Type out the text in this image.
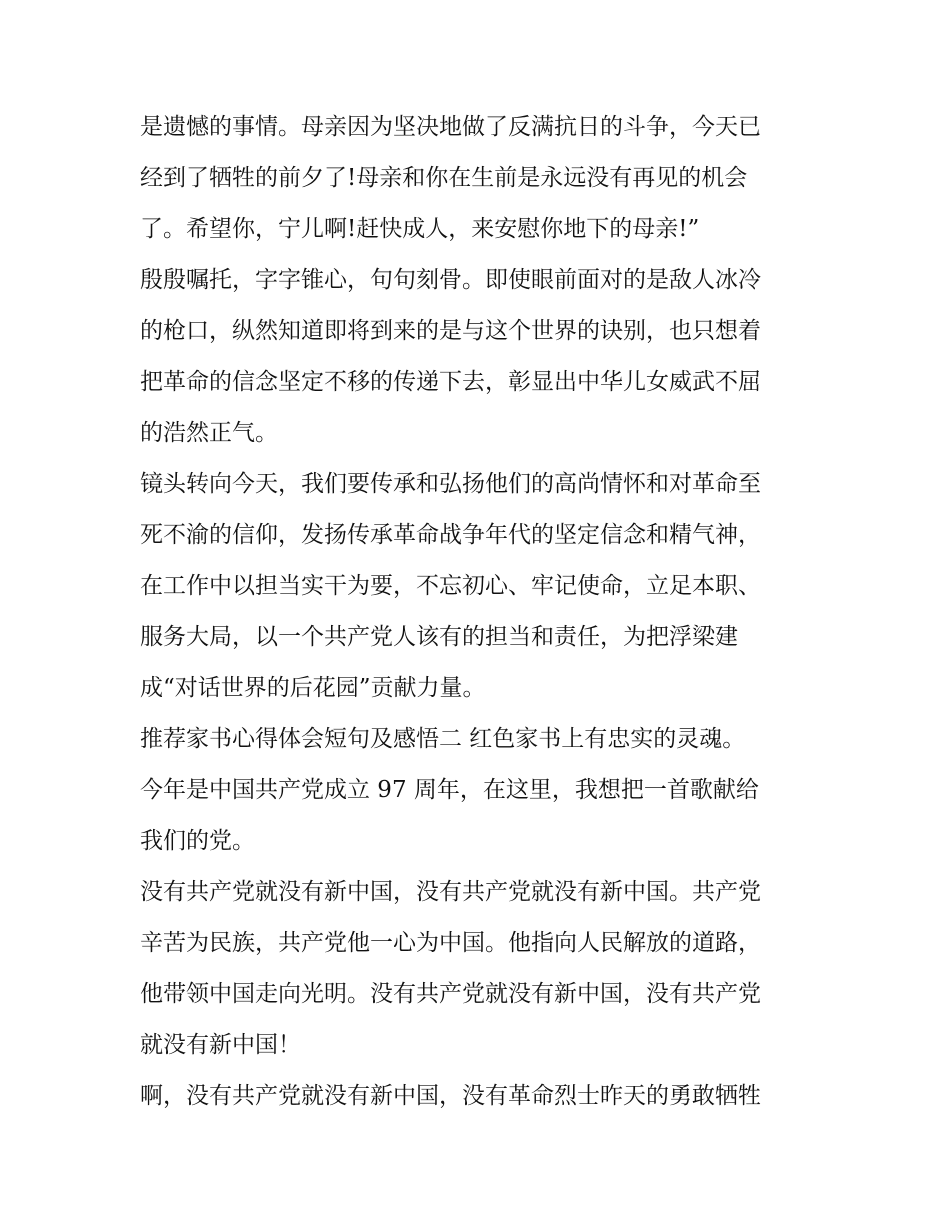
是遗憾的事情。母亲因为坚决地做了反满抗日的斗争，今天已

经到了牺牲的前夕了!母亲和你在生前是永远没有再见的机会

了。希望你，宁儿啊!赶快成人，来安慰你地下的母亲!”

殷殷嘱托，字字锥心，句句刻骨。即使眼前面对的是敌人冰冷

的枪口，纵然知道即将到来的是与这个世界的诀别，也只想着

把革命的信念坚定不移的传递下去，彰显出中华儿女威武不屈

的浩然正气。

镜头转向今天，我们要传承和弘扬他们的高尚情怀和对革命至

死不渝的信仰，发扬传承革命战争年代的坚定信念和精气神，

在工作中以担当实干为要，不忘初心、牢记使命，立足本职、

服务大局，以一个共产党人该有的担当和责任，为把浮梁建

成“对话世界的后花园”贡献力量。

推荐家书心得体会短句及感悟二 红色家书上有忠实的灵魂。

今年是中国共产党成立 97 周年，在这里，我想把一首歌献给

我们的党。

没有共产党就没有新中国，没有共产党就没有新中国。共产党

辛苦为民族，共产党他一心为中国。他指向人民解放的道路，

他带领中国走向光明。没有共产党就没有新中国，没有共产党

就没有新中国！

啊，没有共产党就没有新中国，没有革命烈士昨天的勇敢牺牲
